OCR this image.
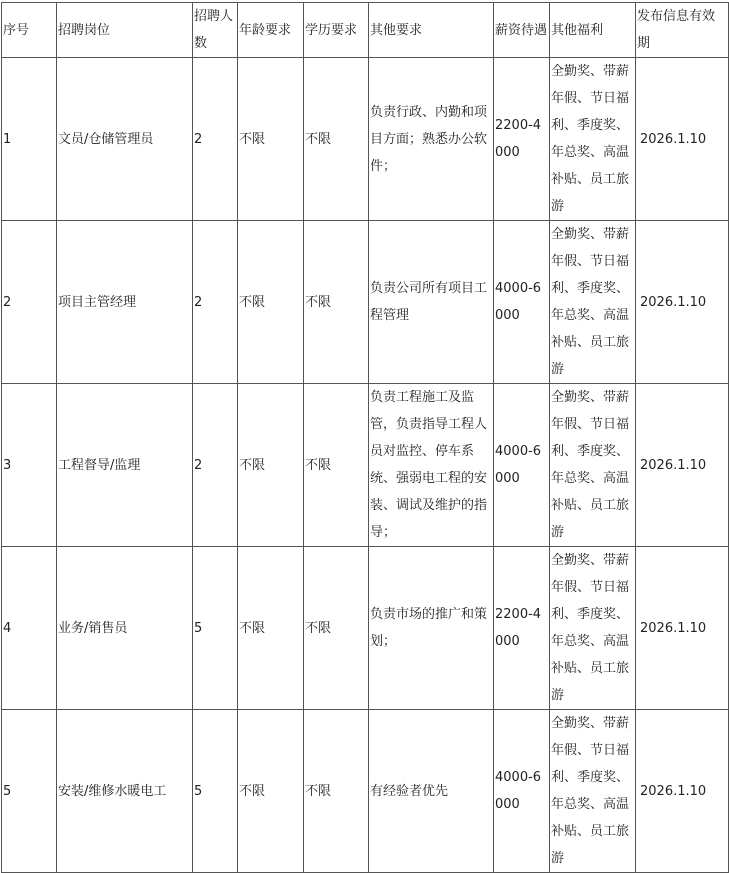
序号	招聘岗位	招聘人数	年龄要求	学历要求	其他要求	薪资待遇	其他福利	发布信息有效期
1	文员/仓储管理员	2	不限	不限	负责行政、内勤和项目方面；熟悉办公软件；	2200-4000	全勤奖、带薪年假、节日福利、季度奖、年总奖、高温补贴、员工旅游	2026.1.10
2	项目主管经理	2	不限	不限	负责公司所有项目工程管理	4000-6000	全勤奖、带薪年假、节日福利、季度奖、年总奖、高温补贴、员工旅游	2026.1.10
3	工程督导/监理	2	不限	不限	负责工程施工及监管，负责指导工程人员对监控、停车系统、强弱电工程的安装、调试及维护的指导；	4000-6000	全勤奖、带薪年假、节日福利、季度奖、年总奖、高温补贴、员工旅游	2026.1.10
4	业务/销售员	5	不限	不限	负责市场的推广和策划；	2200-4000	全勤奖、带薪年假、节日福利、季度奖、年总奖、高温补贴、员工旅游	2026.1.10
5	安装/维修水暖电工	5	不限	不限	有经验者优先	4000-6000	全勤奖、带薪年假、节日福利、季度奖、年总奖、高温补贴、员工旅游	2026.1.10
